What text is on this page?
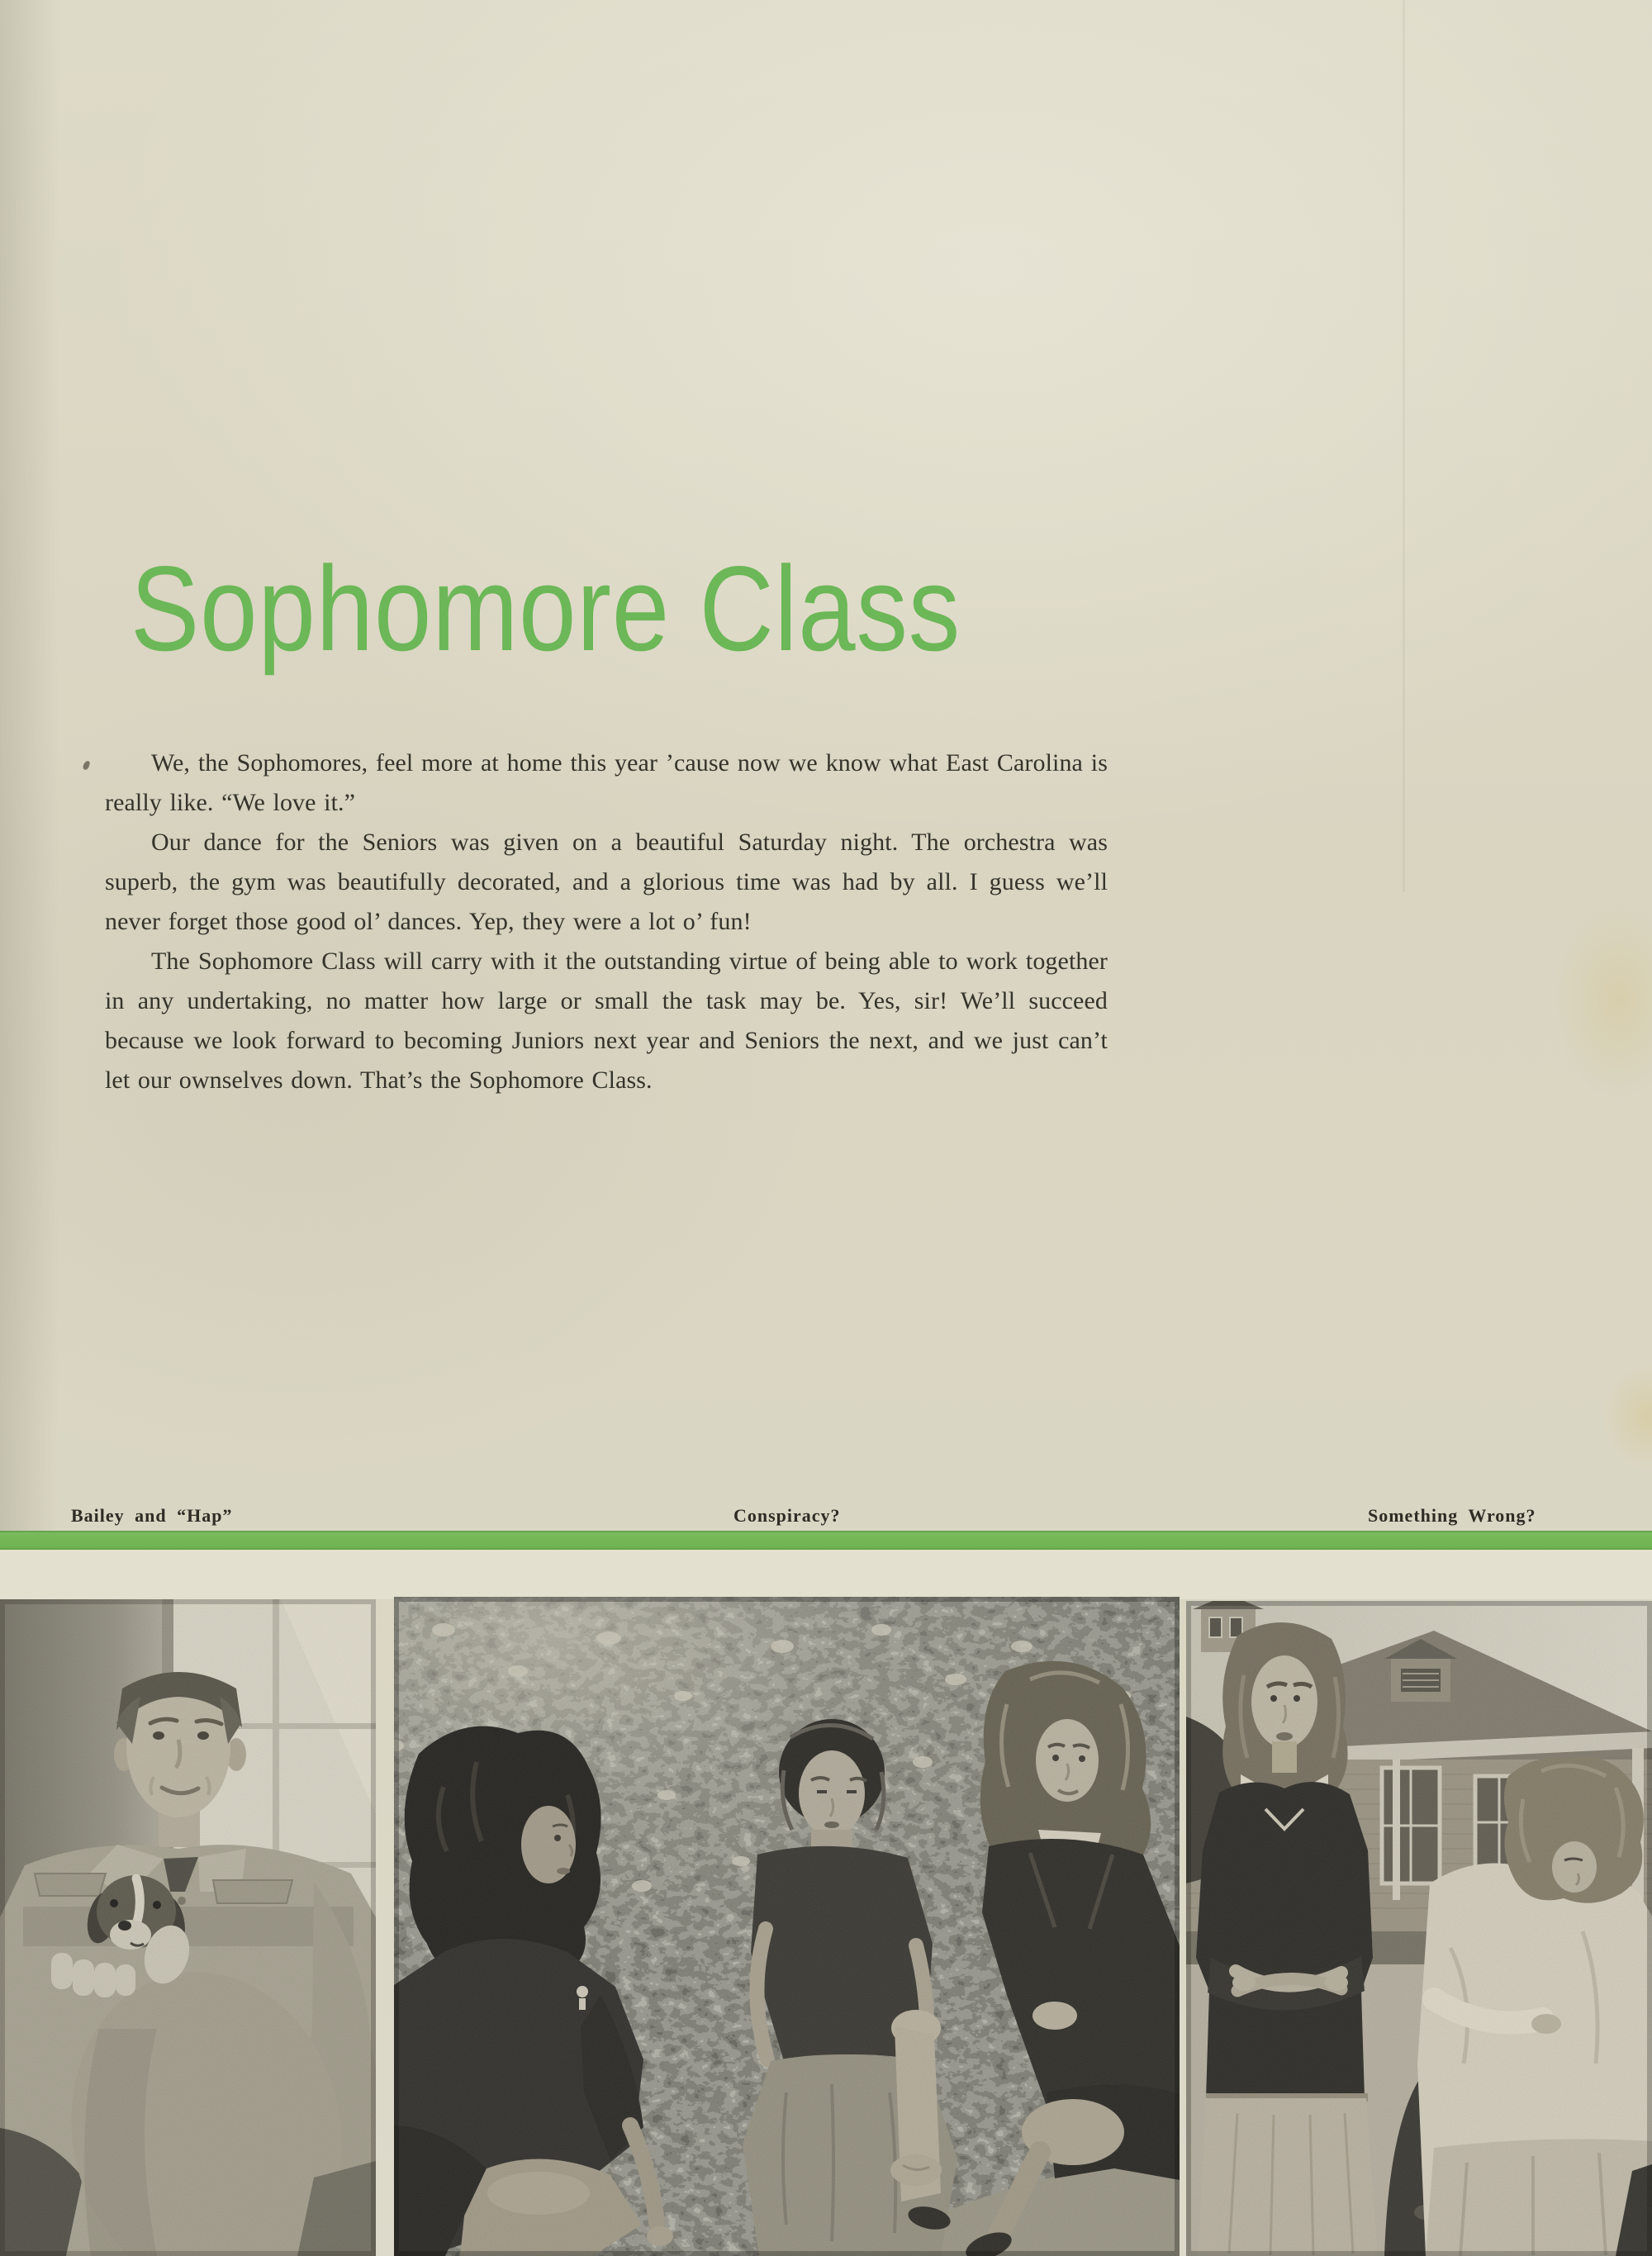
Sophomore Class

We, the Sophomores, feel more at home this year ’cause now we know what East Carolina is really like. “We love it.”

Our dance for the Seniors was given on a beautiful Saturday night. The orchestra was superb, the gym was beautifully decorated, and a glorious time was had by all. I guess we’ll never forget those good ol’ dances. Yep, they were a lot o’ fun!

The Sophomore Class will carry with it the outstanding virtue of being able to work together in any undertaking, no matter how large or small the task may be. Yes, sir! We’ll succeed because we look forward to becoming Juniors next year and Seniors the next, and we just can’t let our ownselves down. That’s the Sophomore Class.

Bailey and “Hap”	Conspiracy?	Something Wrong?
